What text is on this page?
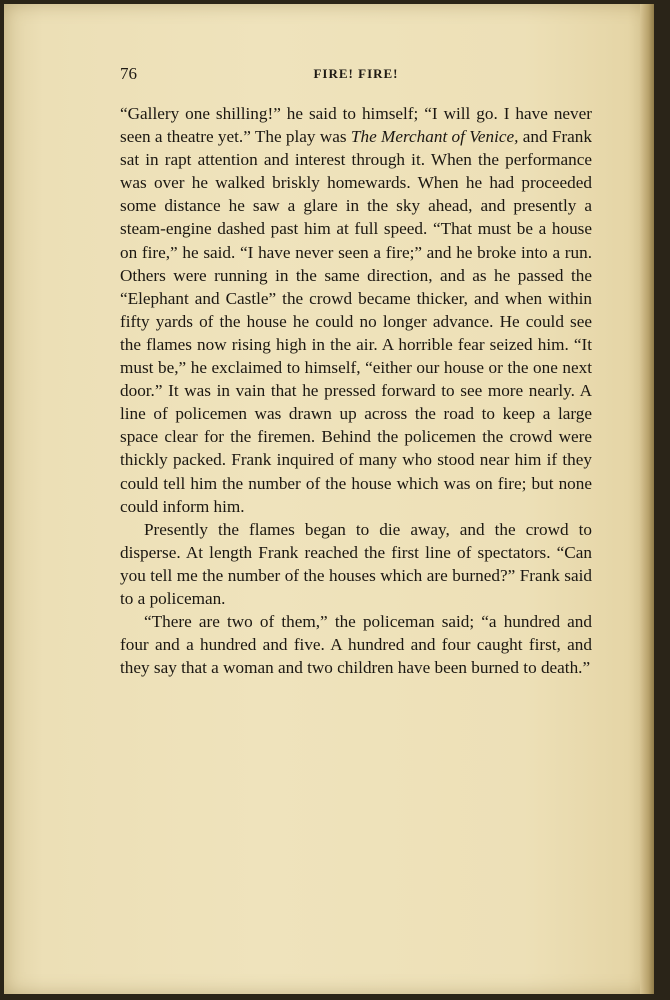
76	FIRE! FIRE!

“Gallery one shilling!” he said to himself; “I will go. I have never seen a theatre yet.” The play was The Merchant of Venice, and Frank sat in rapt attention and interest through it. When the performance was over he walked briskly homewards. When he had proceeded some distance he saw a glare in the sky ahead, and presently a steam-engine dashed past him at full speed. “That must be a house on fire,” he said. “I have never seen a fire;” and he broke into a run. Others were running in the same direction, and as he passed the “Elephant and Castle” the crowd became thicker, and when within fifty yards of the house he could no longer advance. He could see the flames now rising high in the air. A horrible fear seized him. “It must be,” he exclaimed to himself, “either our house or the one next door.” It was in vain that he pressed forward to see more nearly. A line of policemen was drawn up across the road to keep a large space clear for the firemen. Behind the policemen the crowd were thickly packed. Frank inquired of many who stood near him if they could tell him the number of the house which was on fire; but none could inform him.

Presently the flames began to die away, and the crowd to disperse. At length Frank reached the first line of spectators. “Can you tell me the number of the houses which are burned?” Frank said to a policeman.

“There are two of them,” the policeman said; “a hundred and four and a hundred and five. A hundred and four caught first, and they say that a woman and two children have been burned to death.”
